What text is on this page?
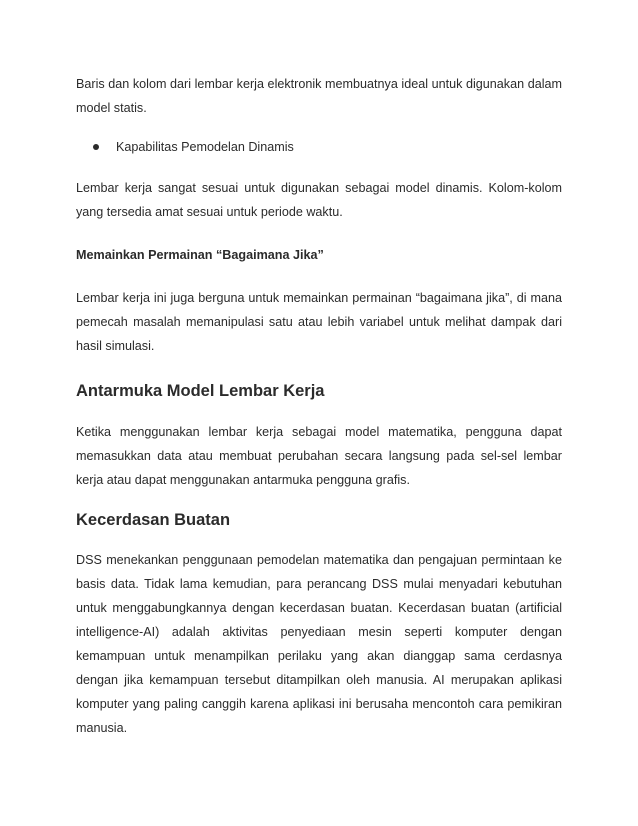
Baris dan kolom dari lembar kerja elektronik membuatnya ideal untuk digunakan dalam model statis.

Kapabilitas Pemodelan Dinamis

Lembar kerja sangat sesuai untuk digunakan sebagai model dinamis. Kolom-kolom yang tersedia amat sesuai untuk periode waktu.

Memainkan Permainan “Bagaimana Jika”

Lembar kerja ini juga berguna untuk memainkan permainan “bagaimana jika”, di mana pemecah masalah memanipulasi satu atau lebih variabel untuk melihat dampak dari hasil simulasi.

Antarmuka Model Lembar Kerja

Ketika menggunakan lembar kerja sebagai model matematika, pengguna dapat memasukkan data atau membuat perubahan secara langsung pada sel-sel lembar kerja atau dapat menggunakan antarmuka pengguna grafis.

Kecerdasan Buatan

DSS menekankan penggunaan pemodelan matematika dan pengajuan permintaan ke basis data. Tidak lama kemudian, para perancang DSS mulai menyadari kebutuhan untuk menggabungkannya dengan kecerdasan buatan. Kecerdasan buatan (artificial intelligence-AI) adalah aktivitas penyediaan mesin seperti komputer dengan kemampuan untuk menampilkan perilaku yang akan dianggap sama cerdasnya dengan jika kemampuan tersebut ditampilkan oleh manusia. AI merupakan aplikasi komputer yang paling canggih karena aplikasi ini berusaha mencontoh cara pemikiran manusia.
